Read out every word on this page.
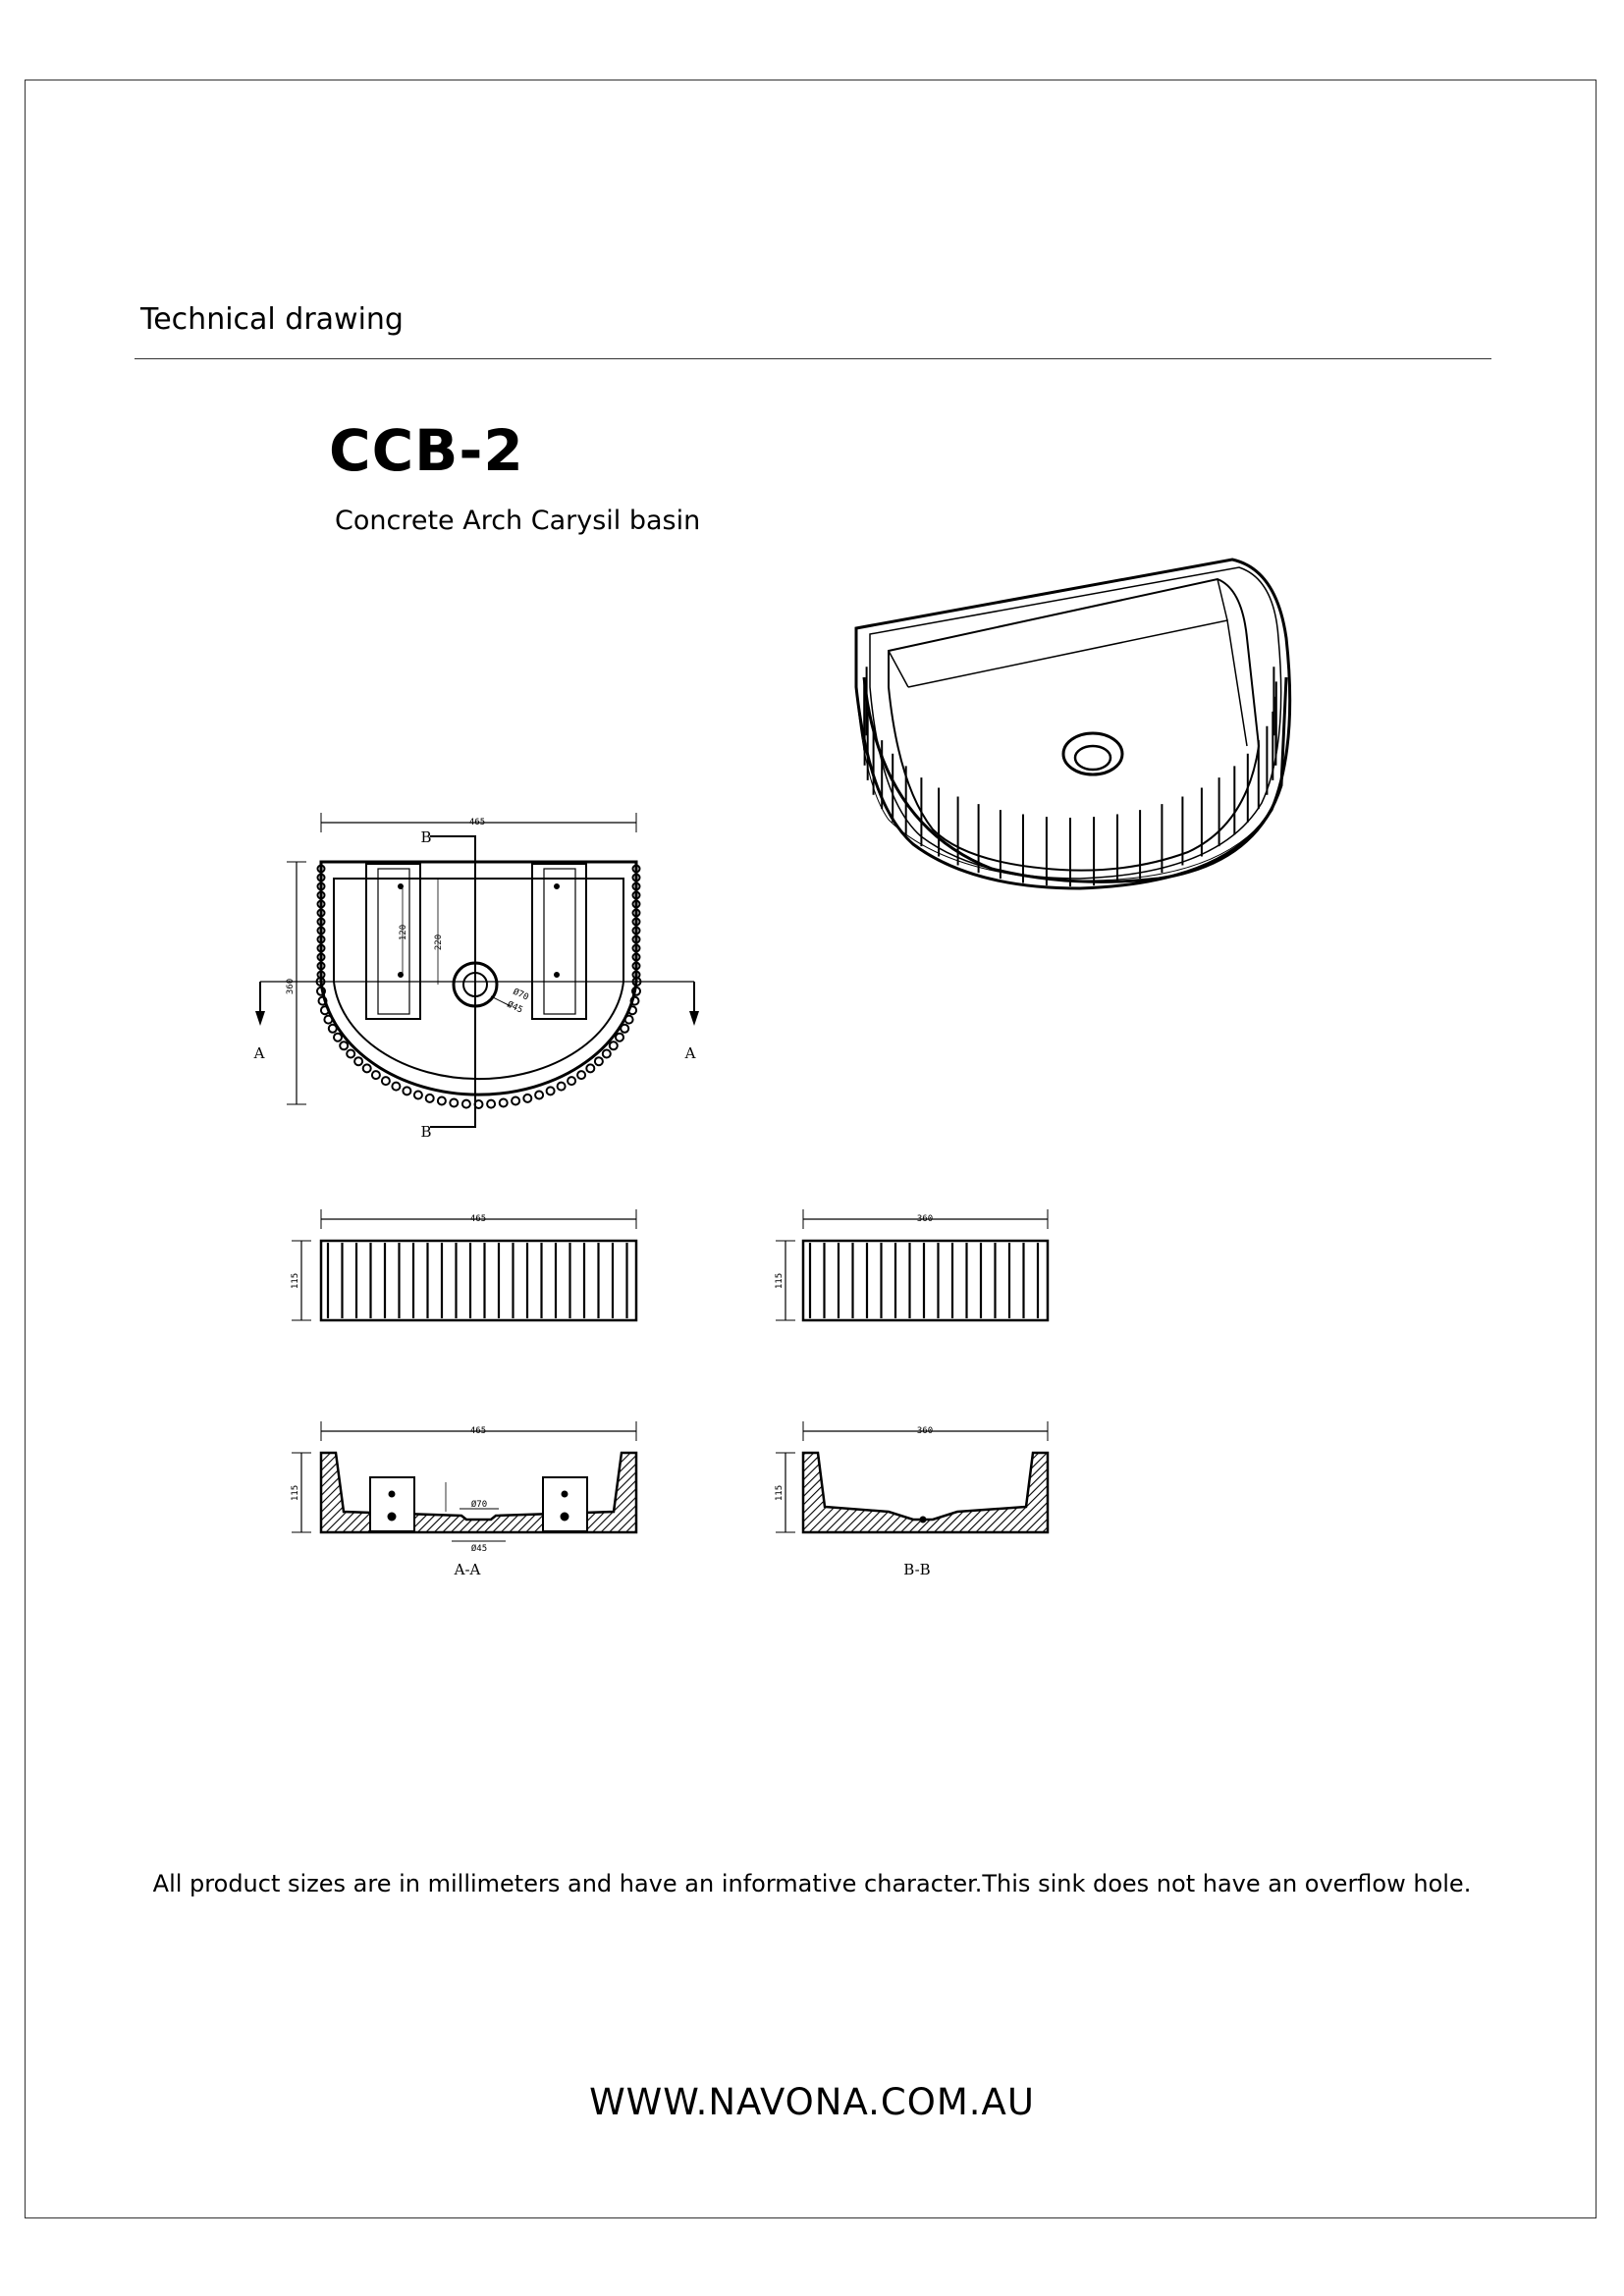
Technical drawing
CCB-2
Concrete Arch Carysil basin
465
360
220
120
Ø70
Ø45
B
B
A	A
465
115
360
115
465
115
Ø70
Ø45
A-A
360
115
B-B
All product sizes are in millimeters and have an informative character.This sink does not have an overflow hole.
WWW.NAVONA.COM.AU
